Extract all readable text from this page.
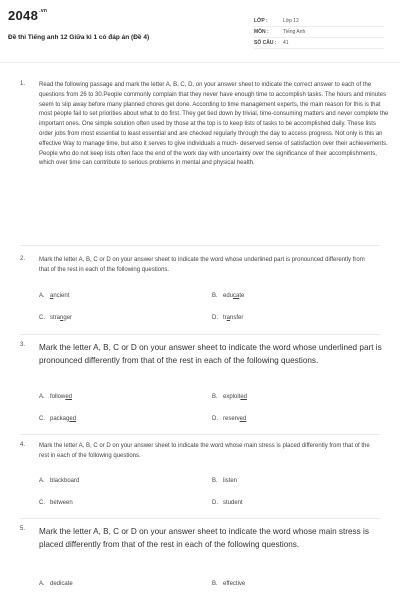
$2048^{.vn}$
Đề thi Tiếng anh 12 Giữa kì 1 có đáp án (Đề 4)
LỚP :	Lớp 12
MÔN :	Tiếng Anh
SỐ CÂU :	41
1. Read the following passage and mark the letter A, B, C, D, on your answer sheet to indicate the correct answer to each of the questions from 26 to 30.People commonly complain that they never have enough time to accomplish tasks. The hours and minutes seem to slip away before many planned chores get done. According to time management experts, the main reason for this is that most people fail to set priorities about what to do first. They get tied down by trivial, time-consuming matters and never complete the important ones. One simple solution often used by those at the top is to keep lists of tasks to be accomplished daily. These lists order jobs from most essential to least essential and are checked regularly through the day to access progress. Not only is this an effective Way to manage time, but also it serves to give individuals a much- deserved sense of satisfaction over their achievements. People who do not keep lists often face the end of the work day with uncertainty over the significance of their accomplishments, which over time can contribute to serious problems in mental and physical health.
2. Mark the letter A, B, C or D on your answer sheet to indicate the word whose underlined part is pronounced differently from that of the rest in each of the following questions.
A. ancient	B. educate
C. stranger	D. transfer
3. Mark the letter A, B, C or D on your answer sheet to indicate the word whose underlined part is pronounced differently from that of the rest in each of the following questions.
A. followed	B. exploited
C. packaged	D. reserved
4. Mark the letter A, B, C or D on your answer sheet to indicate the word whose main stress is placed differently from that of the rest in each of the following questions.
A. blackboard	B. listen
C. between	D. student
5. Mark the letter A, B, C or D on your answer sheet to indicate the word whose main stress is placed differently from that of the rest in each of the following questions.
A. dedicate	B. effective
